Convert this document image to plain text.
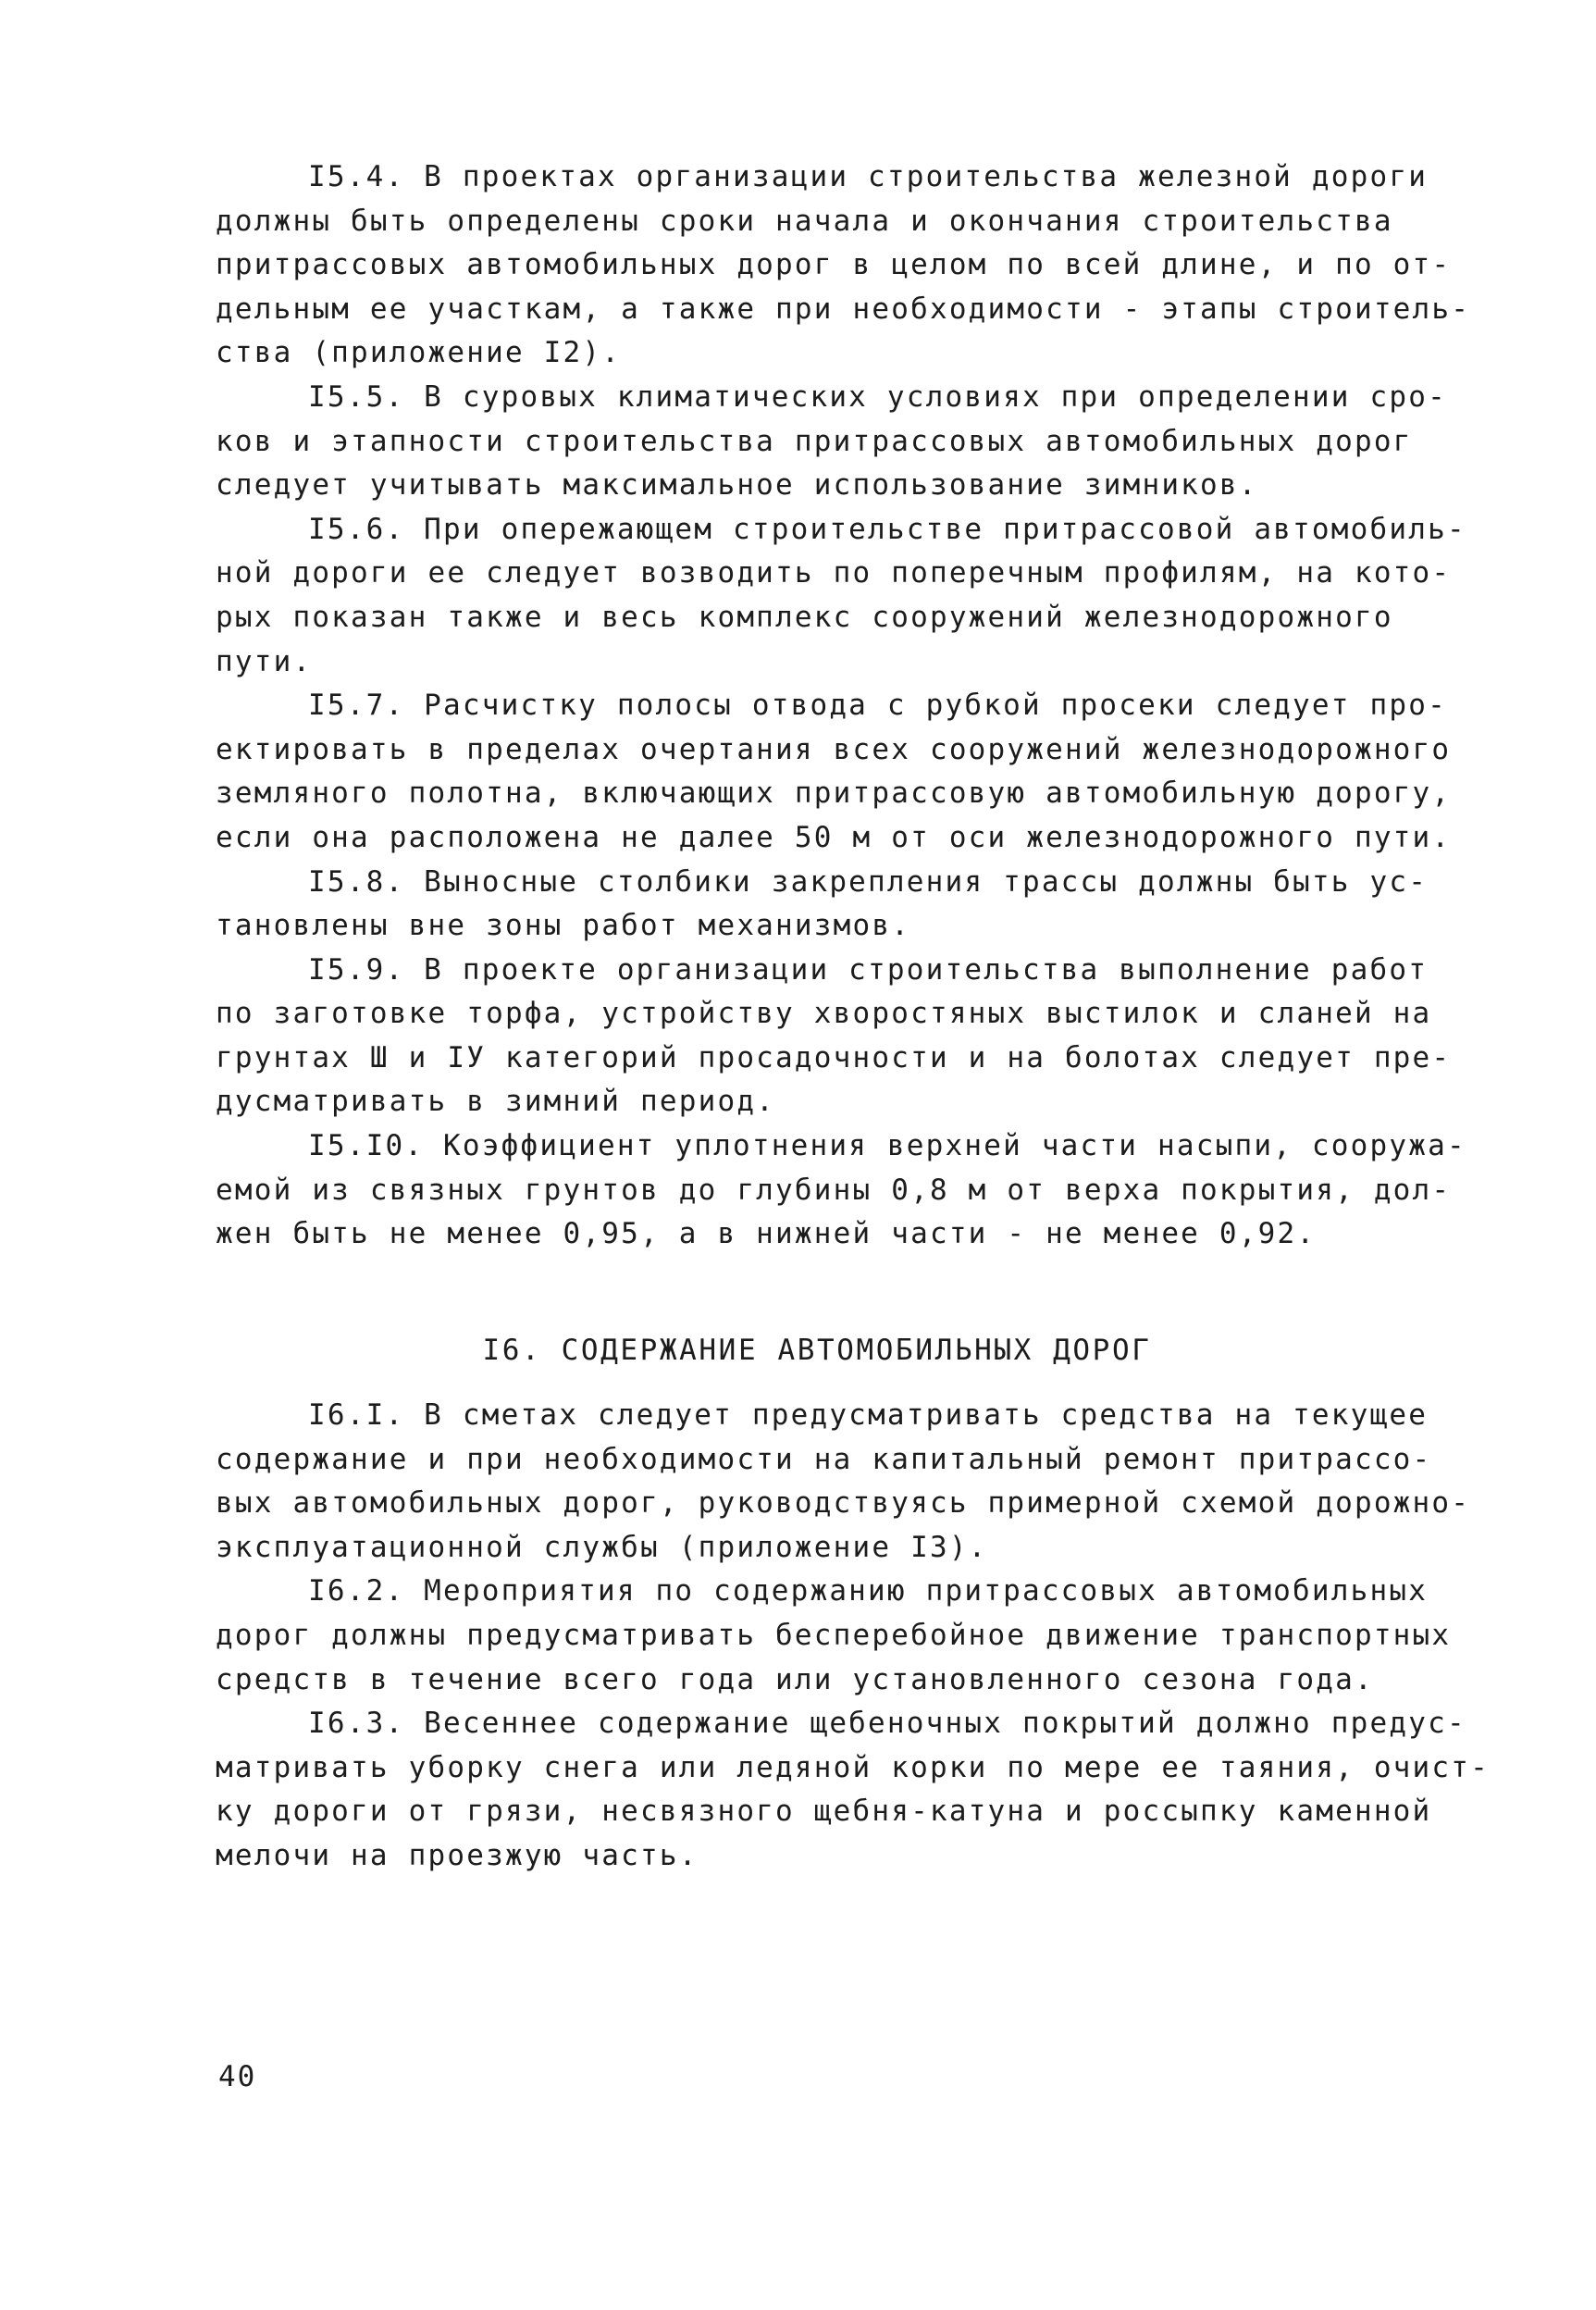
I5.4. В проектах организации строительства железной дороги
должны быть определены сроки начала и окончания строительства
притрассовых автомобильных дорог в целом по всей длине, и по от-
дельным ее участкам, а также при необходимости - этапы строитель-
ства (приложение I2).
I5.5. В суровых климатических условиях при определении сро-
ков и этапности строительства притрассовых автомобильных дорог
следует учитывать максимальное использование зимников.
I5.6. При опережающем строительстве притрассовой автомобиль-
ной дороги ее следует возводить по поперечным профилям, на кото-
рых показан также и весь комплекс сооружений железнодорожного
пути.
I5.7. Расчистку полосы отвода с рубкой просеки следует про-
ектировать в пределах очертания всех сооружений железнодорожного
земляного полотна, включающих притрассовую автомобильную дорогу,
если она расположена не далее 50 м от оси железнодорожного пути.
I5.8. Выносные столбики закрепления трассы должны быть ус-
тановлены вне зоны работ механизмов.
I5.9. В проекте организации строительства выполнение работ
по заготовке торфа, устройству хворостяных выстилок и сланей на
грунтах Ш и IУ категорий просадочности и на болотах следует пре-
дусматривать в зимний период.
I5.I0. Коэффициент уплотнения верхней части насыпи, сооружа-
емой из связных грунтов до глубины 0,8 м от верха покрытия, дол-
жен быть не менее 0,95, а в нижней части - не менее 0,92.
I6. СОДЕРЖАНИЕ АВТОМОБИЛЬНЫХ ДОРОГ
I6.I. В сметах следует предусматривать средства на текущее
содержание и при необходимости на капитальный ремонт притрассо-
вых автомобильных дорог, руководствуясь примерной схемой дорожно-
эксплуатационной службы (приложение I3).
I6.2. Мероприятия по содержанию притрассовых автомобильных
дорог должны предусматривать бесперебойное движение транспортных
средств в течение всего года или установленного сезона года.
I6.3. Весеннее содержание щебеночных покрытий должно предус-
матривать уборку снега или ледяной корки по мере ее таяния, очист-
ку дороги от грязи, несвязного щебня-катуна и россыпку каменной
мелочи на проезжую часть.
40
